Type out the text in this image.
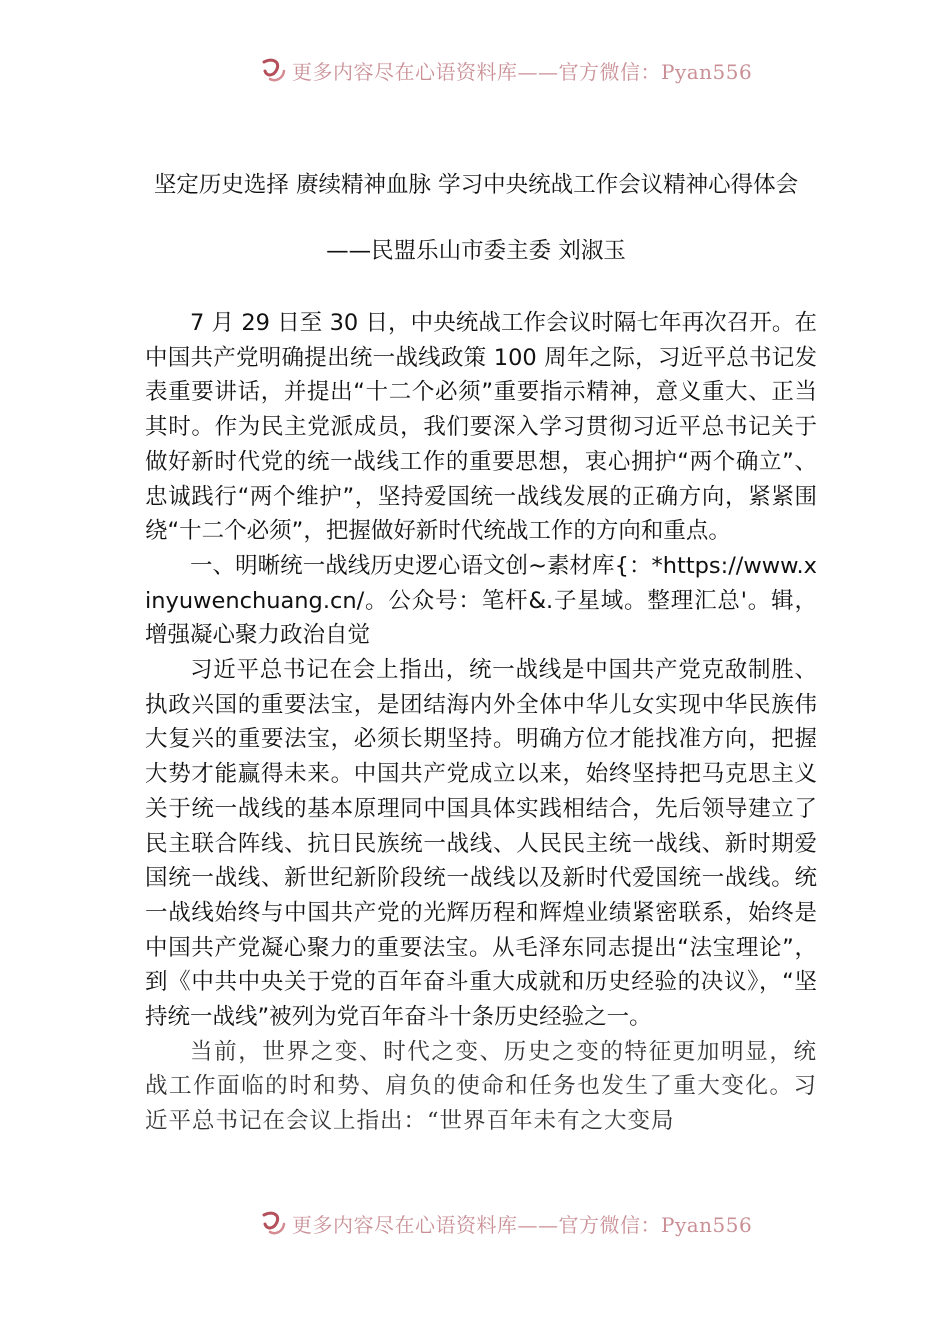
更多内容尽在心语资料库——官方微信：Pyan556
坚定历史选择 赓续精神血脉 学习中央统战工作会议精神心得体会

——民盟乐山市委主委 刘淑玉

7 月 29 日至 30 日，中央统战工作会议时隔七年再次召开。在中国共产党明确提出统一战线政策 100 周年之际，习近平总书记发表重要讲话，并提出“十二个必须”重要指示精神，意义重大、正当其时。作为民主党派成员，我们要深入学习贯彻习近平总书记关于做好新时代党的统一战线工作的重要思想，衷心拥护“两个确立”、忠诚践行“两个维护”，坚持爱国统一战线发展的正确方向，紧紧围绕“十二个必须”，把握做好新时代统战工作的方向和重点。

一、明晰统一战线历史逻心语文创~素材库{：*https://www.xinyuwenchuang.cn/。公众号：笔杆&.子星域。整理汇总'。辑，增强凝心聚力政治自觉

习近平总书记在会上指出，统一战线是中国共产党克敌制胜、执政兴国的重要法宝，是团结海内外全体中华儿女实现中华民族伟大复兴的重要法宝，必须长期坚持。明确方位才能找准方向，把握大势才能赢得未来。中国共产党成立以来，始终坚持把马克思主义关于统一战线的基本原理同中国具体实践相结合，先后领导建立了民主联合阵线、抗日民族统一战线、人民民主统一战线、新时期爱国统一战线、新世纪新阶段统一战线以及新时代爱国统一战线。统一战线始终与中国共产党的光辉历程和辉煌业绩紧密联系，始终是中国共产党凝心聚力的重要法宝。从毛泽东同志提出“法宝理论”，到《中共中央关于党的百年奋斗重大成就和历史经验的决议》，“坚持统一战线”被列为党百年奋斗十条历史经验之一。

当前，世界之变、时代之变、历史之变的特征更加明显，统战工作面临的时和势、肩负的使命和任务也发生了重大变化。习近平总书记在会议上指出：“世界百年未有之大变局

更多内容尽在心语资料库——官方微信：Pyan556
